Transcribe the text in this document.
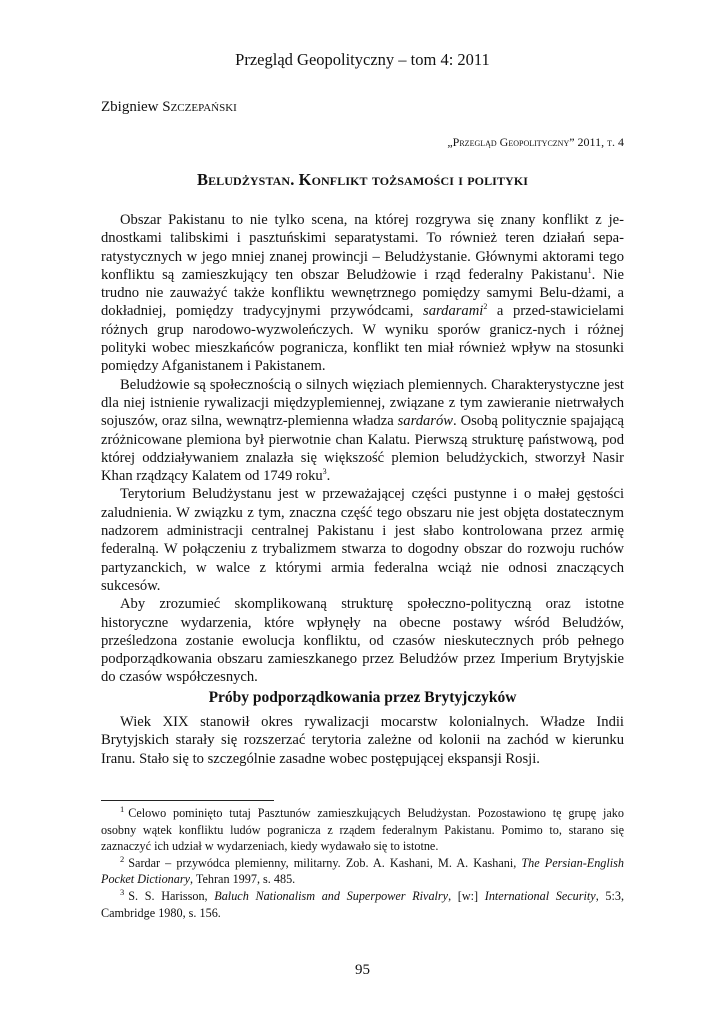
Przegląd Geopolityczny – tom 4: 2011
Zbigniew Szczepański
„Przegląd Geopolityczny” 2011, t. 4
Beludżystan. Konflikt tożsamości i polityki

Obszar Pakistanu to nie tylko scena, na której rozgrywa się znany konflikt z je-dnostkami talibskimi i pasztuńskimi separatystami. To również teren działań sepa-ratystycznych w jego mniej znanej prowincji – Beludżystanie. Głównymi aktorami tego konfliktu są zamieszkujący ten obszar Beludżowie i rząd federalny Pakistanu$^1$. Nie trudno nie zauważyć także konfliktu wewnętrznego pomiędzy samymi Belu-dżami, a dokładniej, pomiędzy tradycyjnymi przywódcami, sardarami$^2$ a przed-stawicielami różnych grup narodowo-wyzwoleńczych. W wyniku sporów granicz-nych i różnej polityki wobec mieszkańców pogranicza, konflikt ten miał również wpływ na stosunki pomiędzy Afganistanem i Pakistanem.

Beludżowie są społecznością o silnych więziach plemiennych. Charakterystyczne jest dla niej istnienie rywalizacji międzyplemiennej, związane z tym zawieranie nietrwałych sojuszów, oraz silna, wewnątrz-plemienna władza sardarów. Osobą politycznie spajającą zróżnicowane plemiona był pierwotnie chan Kalatu. Pierwszą strukturę państwową, pod której oddziaływaniem znalazła się większość plemion beludżyckich, stworzył Nasir Khan rządzący Kalatem od 1749 roku$^3$.

Terytorium Beludżystanu jest w przeważającej części pustynne i o małej gęstości zaludnienia. W związku z tym, znaczna część tego obszaru nie jest objęta dostatecznym nadzorem administracji centralnej Pakistanu i jest słabo kontrolowana przez armię federalną. W połączeniu z trybalizmem stwarza to dogodny obszar do rozwoju ruchów partyzanckich, w walce z którymi armia federalna wciąż nie odnosi znaczących sukcesów.

Aby zrozumieć skomplikowaną strukturę społeczno-polityczną oraz istotne historyczne wydarzenia, które wpłynęły na obecne postawy wśród Beludżów, prześledzona zostanie ewolucja konfliktu, od czasów nieskutecznych prób pełnego podporządkowania obszaru zamieszkanego przez Beludżów przez Imperium Brytyjskie do czasów współczesnych.

Próby podporządkowania przez Brytyjczyków

Wiek XIX stanowił okres rywalizacji mocarstw kolonialnych. Władze Indii Brytyjskich starały się rozszerzać terytoria zależne od kolonii na zachód w kierunku Iranu. Stało się to szczególnie zasadne wobec postępującej ekspansji Rosji.

$^1$ Celowo pominięto tutaj Pasztunów zamieszkujących Beludżystan. Pozostawiono tę grupę jako osobny wątek konfliktu ludów pogranicza z rządem federalnym Pakistanu. Pomimo to, starano się zaznaczyć ich udział w wydarzeniach, kiedy wydawało się to istotne.

$^2$ Sardar – przywódca plemienny, militarny. Zob. A. Kashani, M. A. Kashani, The Persian-English Pocket Dictionary, Tehran 1997, s. 485.

$^3$ S. S. Harisson, Baluch Nationalism and Superpower Rivalry, [w:] International Security, 5:3, Cambridge 1980, s. 156.

95
